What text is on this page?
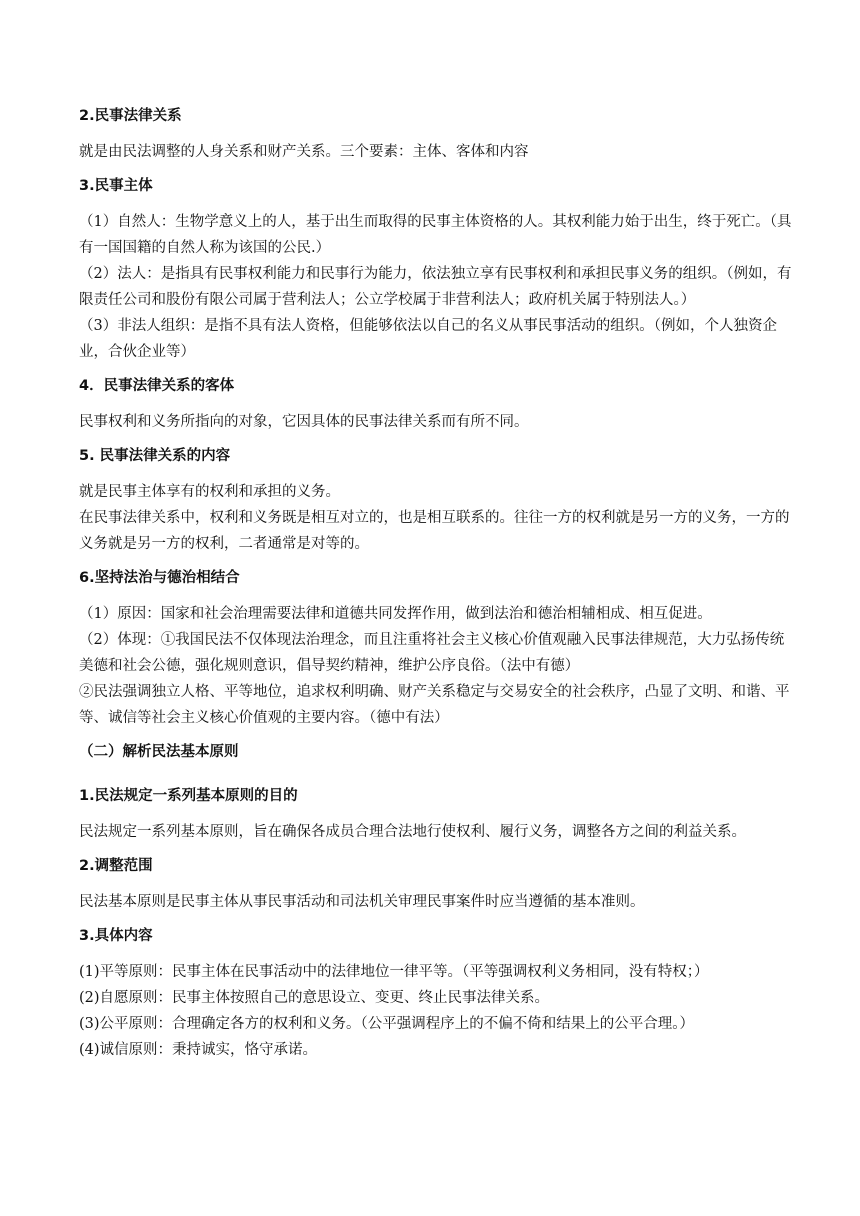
2.民事法律关系
就是由民法调整的人身关系和财产关系。三个要素：主体、客体和内容
3.民事主体
（1）自然人：生物学意义上的人，基于出生而取得的民事主体资格的人。其权利能力始于出生，终于死亡。（具有一国国籍的自然人称为该国的公民.）
（2）法人：是指具有民事权利能力和民事行为能力，依法独立享有民事权利和承担民事义务的组织。（例如，有限责任公司和股份有限公司属于营利法人；公立学校属于非营利法人；政府机关属于特别法人。）
（3）非法人组织：是指不具有法人资格，但能够依法以自己的名义从事民事活动的组织。（例如，个人独资企业，合伙企业等）
4．民事法律关系的客体
民事权利和义务所指向的对象，它因具体的民事法律关系而有所不同。
5. 民事法律关系的内容
就是民事主体享有的权利和承担的义务。
在民事法律关系中，权利和义务既是相互对立的，也是相互联系的。往往一方的权利就是另一方的义务，一方的义务就是另一方的权利，二者通常是对等的。
6.坚持法治与德治相结合
（1）原因：国家和社会治理需要法律和道德共同发挥作用，做到法治和德治相辅相成、相互促进。
（2）体现：①我国民法不仅体现法治理念，而且注重将社会主义核心价值观融入民事法律规范，大力弘扬传统美德和社会公德，强化规则意识，倡导契约精神，维护公序良俗。（法中有德）
②民法强调独立人格、平等地位，追求权利明确、财产关系稳定与交易安全的社会秩序，凸显了文明、和谐、平等、诚信等社会主义核心价值观的主要内容。（德中有法）
（二）解析民法基本原则
1.民法规定一系列基本原则的目的
民法规定一系列基本原则，旨在确保各成员合理合法地行使权利、履行义务，调整各方之间的利益关系。
2.调整范围
民法基本原则是民事主体从事民事活动和司法机关审理民事案件时应当遵循的基本准则。
3.具体内容
(1)平等原则：民事主体在民事活动中的法律地位一律平等。（平等强调权利义务相同，没有特权；）
(2)自愿原则：民事主体按照自己的意思设立、变更、终止民事法律关系。
(3)公平原则：合理确定各方的权利和义务。（公平强调程序上的不偏不倚和结果上的公平合理。）
(4)诚信原则：秉持诚实，恪守承诺。
